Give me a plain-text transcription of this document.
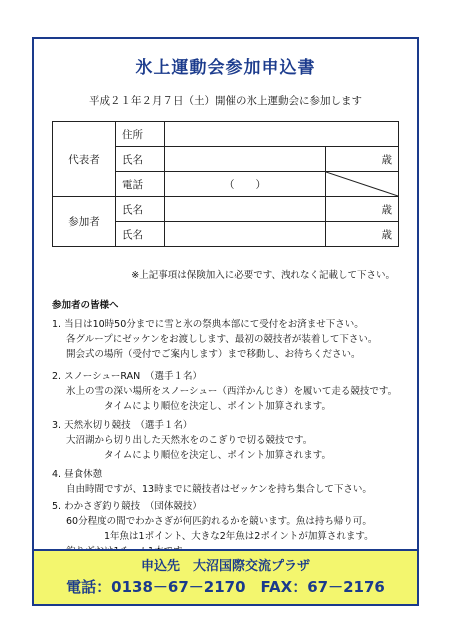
氷上運動会参加申込書
平成２１年２月７日（土）開催の氷上運動会に参加します
代表者	住所		
	氏名		歳
	電話	（　　）	

参加者	氏名		歳
	氏名		歳
※上記事項は保険加入に必要です、洩れなく記載して下さい。
参加者の皆様へ
1. 当日は10時50分までに雪と氷の祭典本部にて受付をお済ませ下さい。
各グループにゼッケンをお渡しします、最初の競技者が装着して下さい。
開会式の場所（受付でご案内します）まで移動し、お待ちください。
2. スノーシューRAN　（選手１名）
氷上の雪の深い場所をスノーシュー（西洋かんじき）を履いて走る競技です。
タイムにより順位を決定し、ポイント加算されます。
3. 天然氷切り競技　（選手１名）
大沼湖から切り出した天然氷をのこぎりで切る競技です。
タイムにより順位を決定し、ポイント加算されます。
4. 昼食休憩
自由時間ですが、13時までに競技者はゼッケンを持ち集合して下さい。
5. わかさぎ釣り競技　（団体競技）
60分程度の間でわかさぎが何匹釣れるかを競います。魚は持ち帰り可。
1年魚は1ポイント、大きな2年魚は2ポイントが加算されます。
申込先　大沼国際交流プラザ
電話：0138－67－2170　FAX：67－2176
